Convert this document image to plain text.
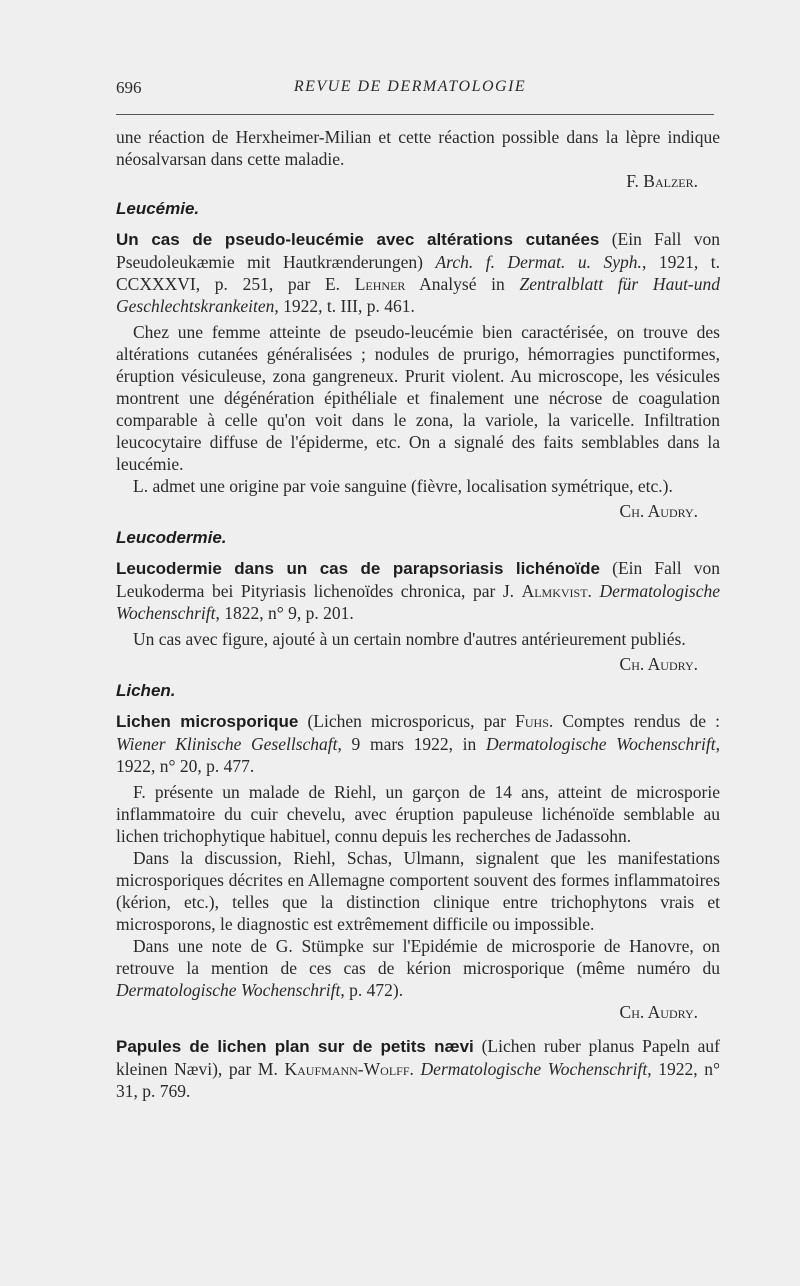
696	REVUE DE DERMATOLOGIE

une réaction de Herxheimer-Milian et cette réaction possible dans la lèpre indique néosalvarsan dans cette maladie.

F. Balzer.
Leucémie.

Un cas de pseudo-leucémie avec altérations cutanées (Ein Fall von Pseudoleukæmie mit Hautkrænderungen) Arch. f. Dermat. u. Syph., 1921, t. CCXXXVI, p. 251, par E. Lehner Analysé in Zentralblatt für Haut-und Geschlechtskrankeiten, 1922, t. III, p. 461.

Chez une femme atteinte de pseudo-leucémie bien caractérisée, on trouve des altérations cutanées généralisées ; nodules de prurigo, hémorragies punctiformes, éruption vésiculeuse, zona gangreneux. Prurit violent. Au microscope, les vésicules montrent une dégénération épithéliale et finalement une nécrose de coagulation comparable à celle qu'on voit dans le zona, la variole, la varicelle. Infiltration leucocytaire diffuse de l'épiderme, etc. On a signalé des faits semblables dans la leucémie.

L. admet une origine par voie sanguine (fièvre, localisation symétrique, etc.).

Ch. Audry.
Leucodermie.

Leucodermie dans un cas de parapsoriasis lichénoïde (Ein Fall von Leukoderma bei Pityriasis lichenoïdes chronica, par J. Almkvist. Dermatologische Wochenschrift, 1822, n° 9, p. 201.

Un cas avec figure, ajouté à un certain nombre d'autres antérieurement publiés.

Ch. Audry.
Lichen.

Lichen microsporique (Lichen microsporicus, par Fuhs. Comptes rendus de : Wiener Klinische Gesellschaft, 9 mars 1922, in Dermatologische Wochenschrift, 1922, n° 20, p. 477.

F. présente un malade de Riehl, un garçon de 14 ans, atteint de microsporie inflammatoire du cuir chevelu, avec éruption papuleuse lichénoïde semblable au lichen trichophytique habituel, connu depuis les recherches de Jadassohn.

Dans la discussion, Riehl, Schas, Ulmann, signalent que les manifestations microsporiques décrites en Allemagne comportent souvent des formes inflammatoires (kérion, etc.), telles que la distinction clinique entre trichophytons vrais et microsporons, le diagnostic est extrêmement difficile ou impossible.

Dans une note de G. Stümpke sur l'Epidémie de microsporie de Hanovre, on retrouve la mention de ces cas de kérion microsporique (même numéro du Dermatologische Wochenschrift, p. 472).

Ch. Audry.

Papules de lichen plan sur de petits nævi (Lichen ruber planus Papeln auf kleinen Nævi), par M. Kaufmann-Wolff. Dermatologische Wochenschrift, 1922, n° 31, p. 769.
